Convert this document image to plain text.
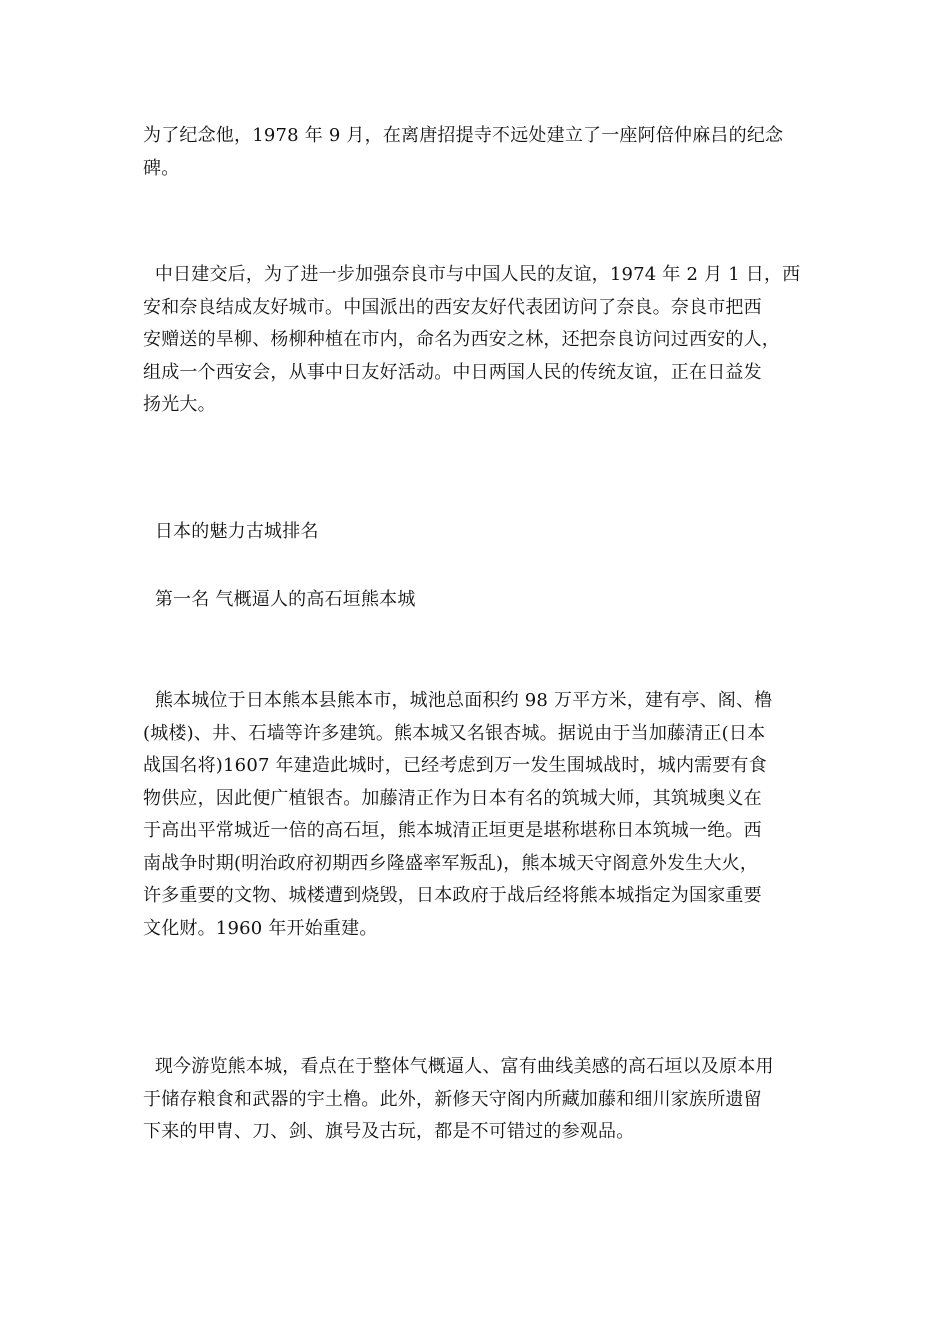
为了纪念他，1978 年 9 月，在离唐招提寺不远处建立了一座阿倍仲麻吕的纪念
碑。
中日建交后，为了进一步加强奈良市与中国人民的友谊，1974 年 2 月 1 日，西
安和奈良结成友好城市。中国派出的西安友好代表团访问了奈良。奈良市把西
安赠送的旱柳、杨柳种植在市内，命名为西安之林，还把奈良访问过西安的人，
组成一个西安会，从事中日友好活动。中日两国人民的传统友谊，正在日益发
扬光大。
日本的魅力古城排名
第一名 气概逼人的高石垣熊本城
熊本城位于日本熊本县熊本市，城池总面积约 98 万平方米，建有亭、阁、橹
(城楼)、井、石墙等许多建筑。熊本城又名银杏城。据说由于当加藤清正(日本
战国名将)1607 年建造此城时，已经考虑到万一发生围城战时，城内需要有食
物供应，因此便广植银杏。加藤清正作为日本有名的筑城大师，其筑城奥义在
于高出平常城近一倍的高石垣，熊本城清正垣更是堪称堪称日本筑城一绝。西
南战争时期(明治政府初期西乡隆盛率军叛乱)，熊本城天守阁意外发生大火，
许多重要的文物、城楼遭到烧毁，日本政府于战后经将熊本城指定为国家重要
文化财。1960 年开始重建。
现今游览熊本城，看点在于整体气概逼人、富有曲线美感的高石垣以及原本用
于储存粮食和武器的宇土橹。此外，新修天守阁内所藏加藤和细川家族所遗留
下来的甲胄、刀、剑、旗号及古玩，都是不可错过的参观品。
